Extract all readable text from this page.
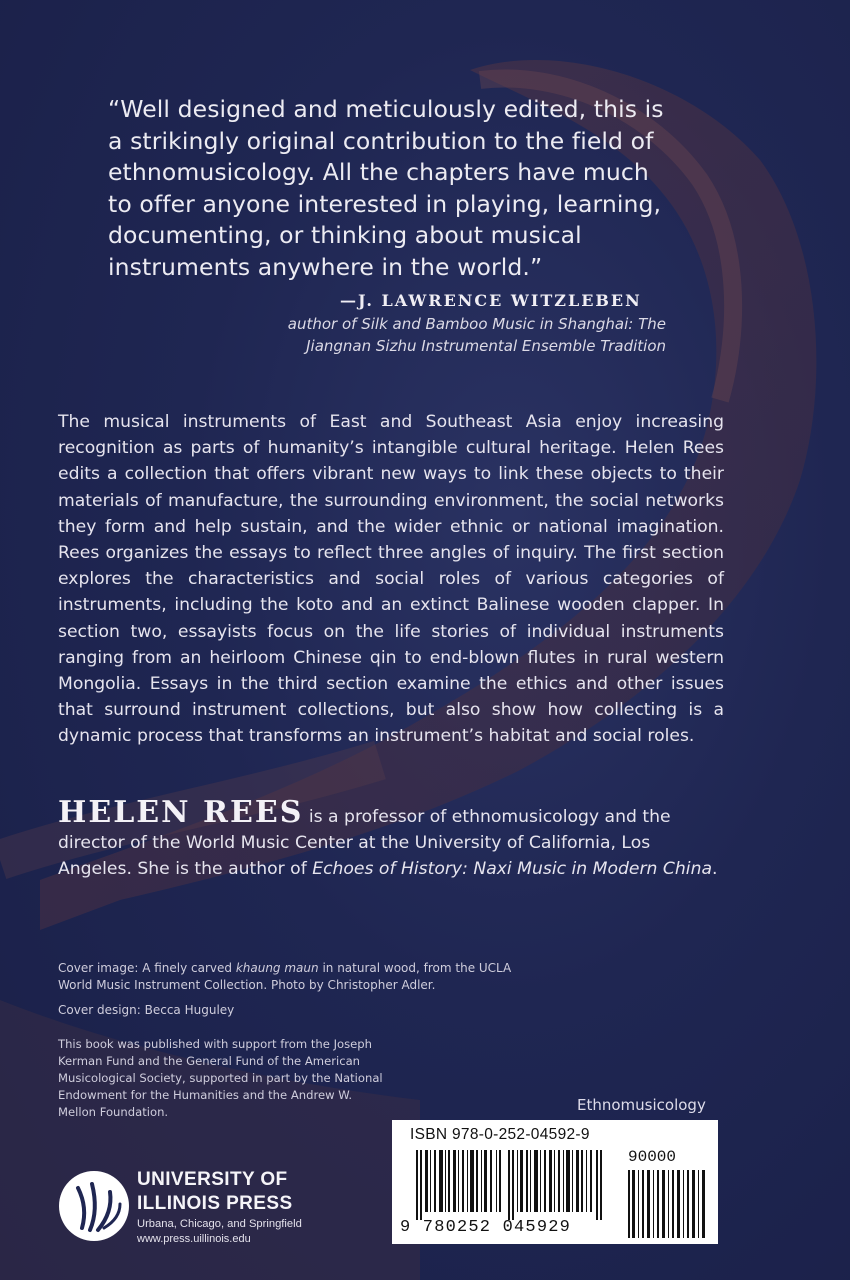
“Well designed and meticulously edited, this is
a strikingly original contribution to the field of
ethnomusicology. All the chapters have much
to offer anyone interested in playing, learning,
documenting, or thinking about musical
instruments anywhere in the world.”
—J. LAWRENCE WITZLEBEN
author of Silk and Bamboo Music in Shanghai: The
Jiangnan Sizhu Instrumental Ensemble Tradition
The musical instruments of East and Southeast Asia enjoy increasing recognition as parts of humanity’s intangible cultural heritage. Helen Rees edits a collection that offers vibrant new ways to link these objects to their materials of manufacture, the surrounding environment, the social networks they form and help sustain, and the wider ethnic or national imagination. Rees organizes the essays to reflect three angles of inquiry. The first section explores the characteristics and social roles of various categories of instruments, including the koto and an extinct Balinese wooden clapper. In section two, essayists focus on the life stories of individual instruments ranging from an heirloom Chinese qin to end-blown flutes in rural western Mongolia. Essays in the third section examine the ethics and other issues that surround instrument collections, but also show how collecting is a dynamic process that transforms an instrument’s habitat and social roles.
HELEN REES is a professor of ethnomusicology and the director of the World Music Center at the University of California, Los Angeles. She is the author of Echoes of History: Naxi Music in Modern China.

Cover image: A finely carved khaung maun in natural wood, from the UCLA World Music Instrument Collection. Photo by Christopher Adler.

Cover design: Becca Huguley

This book was published with support from the Joseph Kerman Fund and the General Fund of the American Musicological Society, supported in part by the National Endowment for the Humanities and the Andrew W. Mellon Foundation.	Ethnomusicology
ISBN 978-0-252-04592-9
90000
9 780252 045929
UNIVERSITY OF
ILLINOIS PRESS
Urbana, Chicago, and Springfield
www.press.uillinois.edu
